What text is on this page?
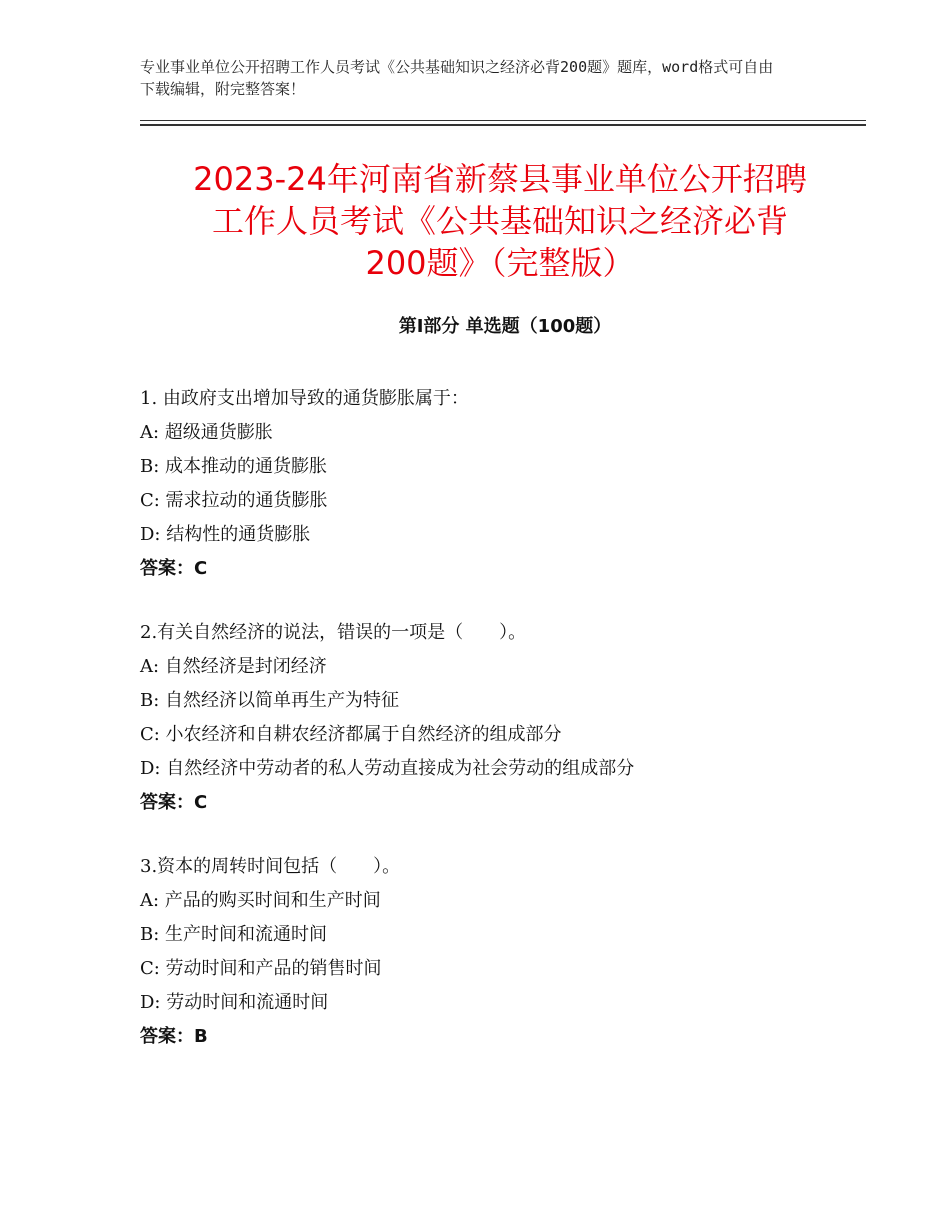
专业事业单位公开招聘工作人员考试《公共基础知识之经济必背200题》题库，word格式可自由下载编辑，附完整答案！
2023-24年河南省新蔡县事业单位公开招聘
工作人员考试《公共基础知识之经济必背
200题》（完整版）
第Ⅰ部分 单选题（100题）
1. 由政府支出增加导致的通货膨胀属于：
A: 超级通货膨胀
B: 成本推动的通货膨胀
C: 需求拉动的通货膨胀
D: 结构性的通货膨胀
答案：C
2.有关自然经济的说法，错误的一项是（　　）。
A: 自然经济是封闭经济
B: 自然经济以简单再生产为特征
C: 小农经济和自耕农经济都属于自然经济的组成部分
D: 自然经济中劳动者的私人劳动直接成为社会劳动的组成部分
答案：C
3.资本的周转时间包括（　　）。
A: 产品的购买时间和生产时间
B: 生产时间和流通时间
C: 劳动时间和产品的销售时间
D: 劳动时间和流通时间
答案：B
